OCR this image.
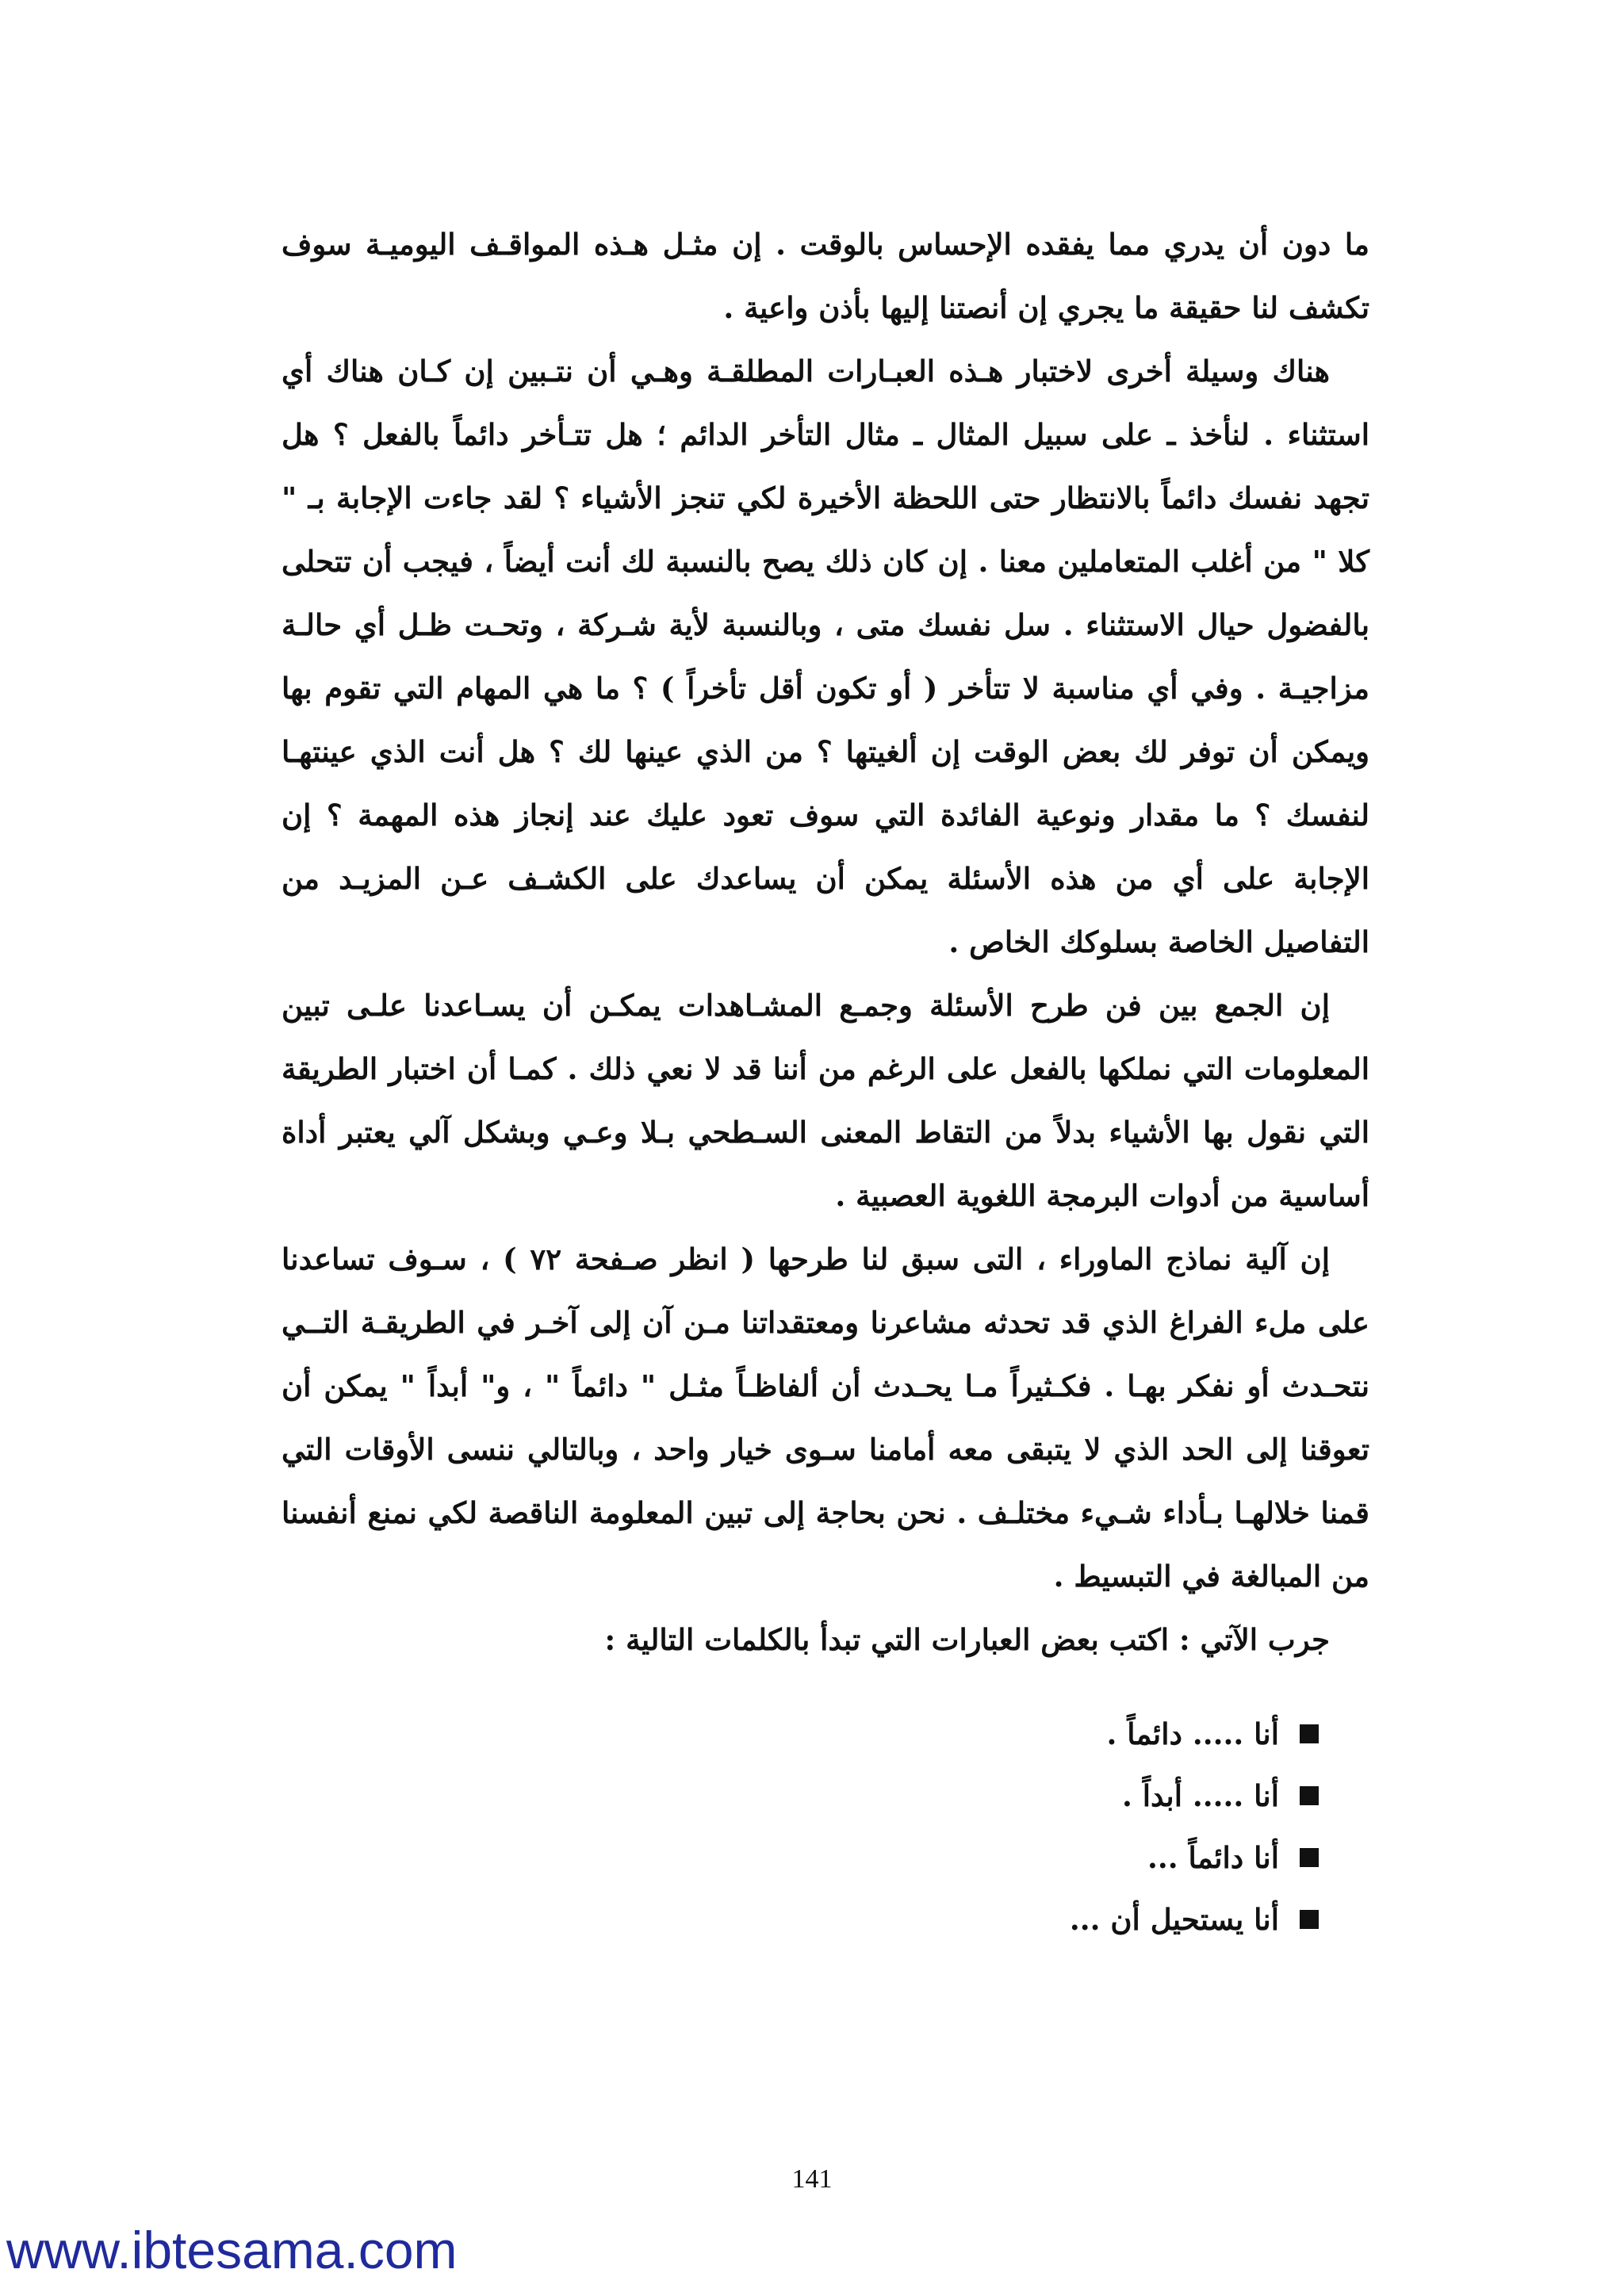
ما دون أن يدري مما يفقده الإحساس بالوقت . إن مثـل هـذه المواقـف اليوميـة سوف تكشف لنا حقيقة ما يجري إن أنصتنا إليها بأذن واعية .

هناك وسيلة أخرى لاختبار هـذه العبـارات المطلقـة وهـي أن نتـبين إن كـان هناك أي استثناء . لنأخذ ـ على سبيل المثال ـ مثال التأخر الدائم ؛ هل تتـأخر دائماً بالفعل ؟ هل تجهد نفسك دائماً بالانتظار حتى اللحظة الأخيرة لكي تنجز الأشياء ؟ لقد جاءت الإجابة بـ " كلا " من أغلب المتعاملين معنا . إن كان ذلك يصح بالنسبة لك أنت أيضاً ، فيجب أن تتحلى بالفضول حيال الاستثناء . سل نفسك متى ، وبالنسبة لأية شـركة ، وتحـت ظـل أي حالـة مزاجيـة . وفي أي مناسبة لا تتأخر ( أو تكون أقل تأخراً ) ؟ ما هي المهام التي تقوم بها ويمكن أن توفر لك بعض الوقت إن ألغيتها ؟ من الذي عينها لك ؟ هل أنت الذي عينتهـا لنفسك ؟ ما مقدار ونوعية الفائدة التي سوف تعود عليك عند إنجاز هذه المهمة ؟ إن الإجابة على أي من هذه الأسئلة يمكن أن يساعدك على الكشـف عـن المزيـد من التفاصيل الخاصة بسلوكك الخاص .

إن الجمع بين فن طرح الأسئلة وجمـع المشـاهدات يمكـن أن يسـاعدنا علـى تبين المعلومات التي نملكها بالفعل على الرغم من أننا قد لا نعي ذلك . كمـا أن اختبار الطريقة التي نقول بها الأشياء بدلاً من التقاط المعنى السـطحي بـلا وعـي وبشكل آلي يعتبر أداة أساسية من أدوات البرمجة اللغوية العصبية .

إن آلية نماذج الماوراء ، التى سبق لنا طرحها ( انظر صـفحة ٧٢ ) ، سـوف تساعدنا على ملء الفراغ الذي قد تحدثه مشاعرنا ومعتقداتنا مـن آن إلى آخـر في الطريقـة التــي نتحـدث أو نفكر بهـا . فكـثيراً مـا يحـدث أن ألفاظـاً مثـل " دائماً " ، و" أبداً " يمكن أن تعوقنا إلى الحد الذي لا يتبقى معه أمامنا سـوى خيار واحد ، وبالتالي ننسى الأوقات التي قمنا خلالهـا بـأداء شـيء مختلـف . نحن بحاجة إلى تبين المعلومة الناقصة لكي نمنع أنفسنا من المبالغة في التبسيط .

جرب الآتي : اكتب بعض العبارات التي تبدأ بالكلمات التالية :

أنا ..... دائماً .
أنا ..... أبداً .
أنا دائماً ...
أنا يستحيل أن ...
141
www.ibtesama.com
